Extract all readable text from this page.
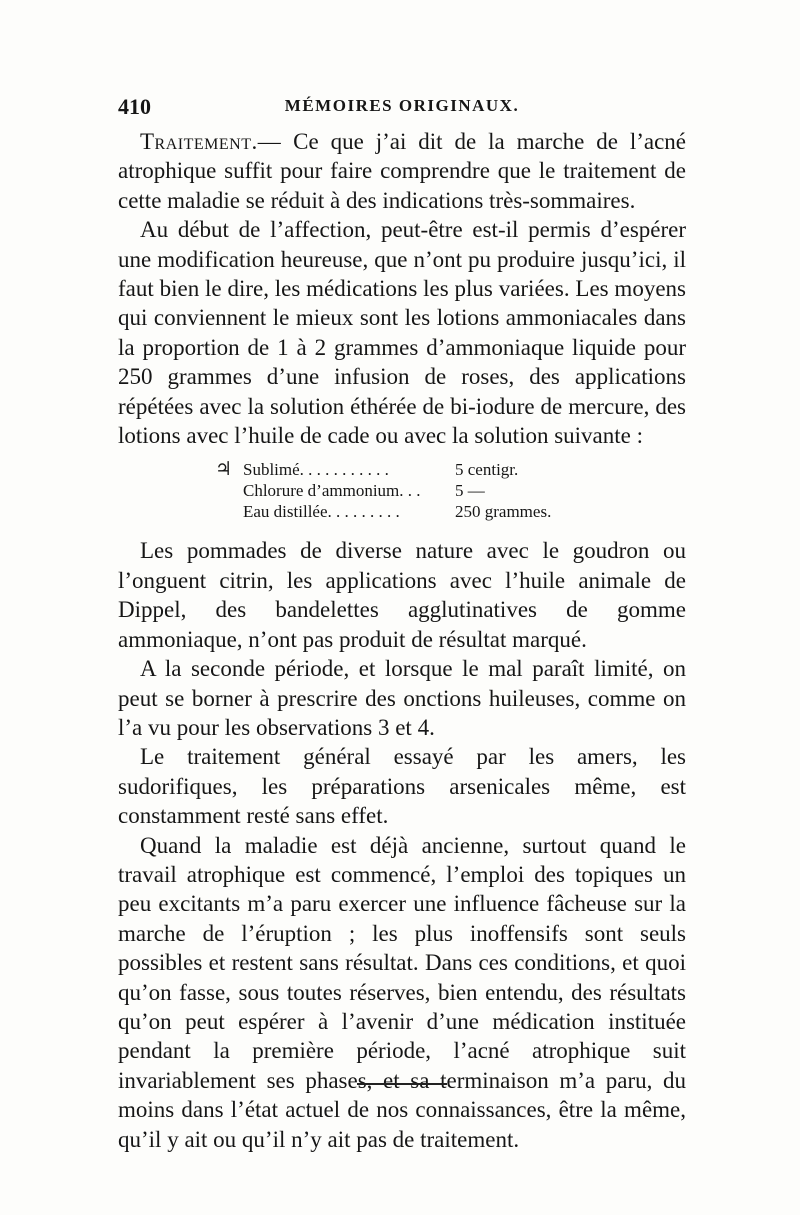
410	MÉMOIRES ORIGINAUX.

Traitement.— Ce que j’ai dit de la marche de l’acné atrophique suffit pour faire comprendre que le traitement de cette maladie se réduit à des indications très-sommaires.

Au début de l’affection, peut-être est-il permis d’espérer une modification heureuse, que n’ont pu produire jusqu’ici, il faut bien le dire, les médications les plus variées. Les moyens qui conviennent le mieux sont les lotions ammoniacales dans la proportion de 1 à 2 grammes d’ammoniaque liquide pour 250 grammes d’une infusion de roses, des applications répétées avec la solution éthérée de bi-iodure de mercure, des lotions avec l’huile de cade ou avec la solution suivante :

♃ Sublimé. . . . . . . . . . .	5 centigr.
Chlorure d’ammonium. . .	5 —
Eau distillée. . . . . . . . .	250 grammes.

Les pommades de diverse nature avec le goudron ou l’onguent citrin, les applications avec l’huile animale de Dippel, des bandelettes agglutinatives de gomme ammoniaque, n’ont pas produit de résultat marqué.

A la seconde période, et lorsque le mal paraît limité, on peut se borner à prescrire des onctions huileuses, comme on l’a vu pour les observations 3 et 4.

Le traitement général essayé par les amers, les sudorifiques, les préparations arsenicales même, est constamment resté sans effet.

Quand la maladie est déjà ancienne, surtout quand le travail atrophique est commencé, l’emploi des topiques un peu excitants m’a paru exercer une influence fâcheuse sur la marche de l’éruption ; les plus inoffensifs sont seuls possibles et restent sans résultat. Dans ces conditions, et quoi qu’on fasse, sous toutes réserves, bien entendu, des résultats qu’on peut espérer à l’avenir d’une médication instituée pendant la première période, l’acné atrophique suit invariablement ses phases, et sa terminaison m’a paru, du moins dans l’état actuel de nos connaissances, être la même, qu’il y ait ou qu’il n’y ait pas de traitement.
